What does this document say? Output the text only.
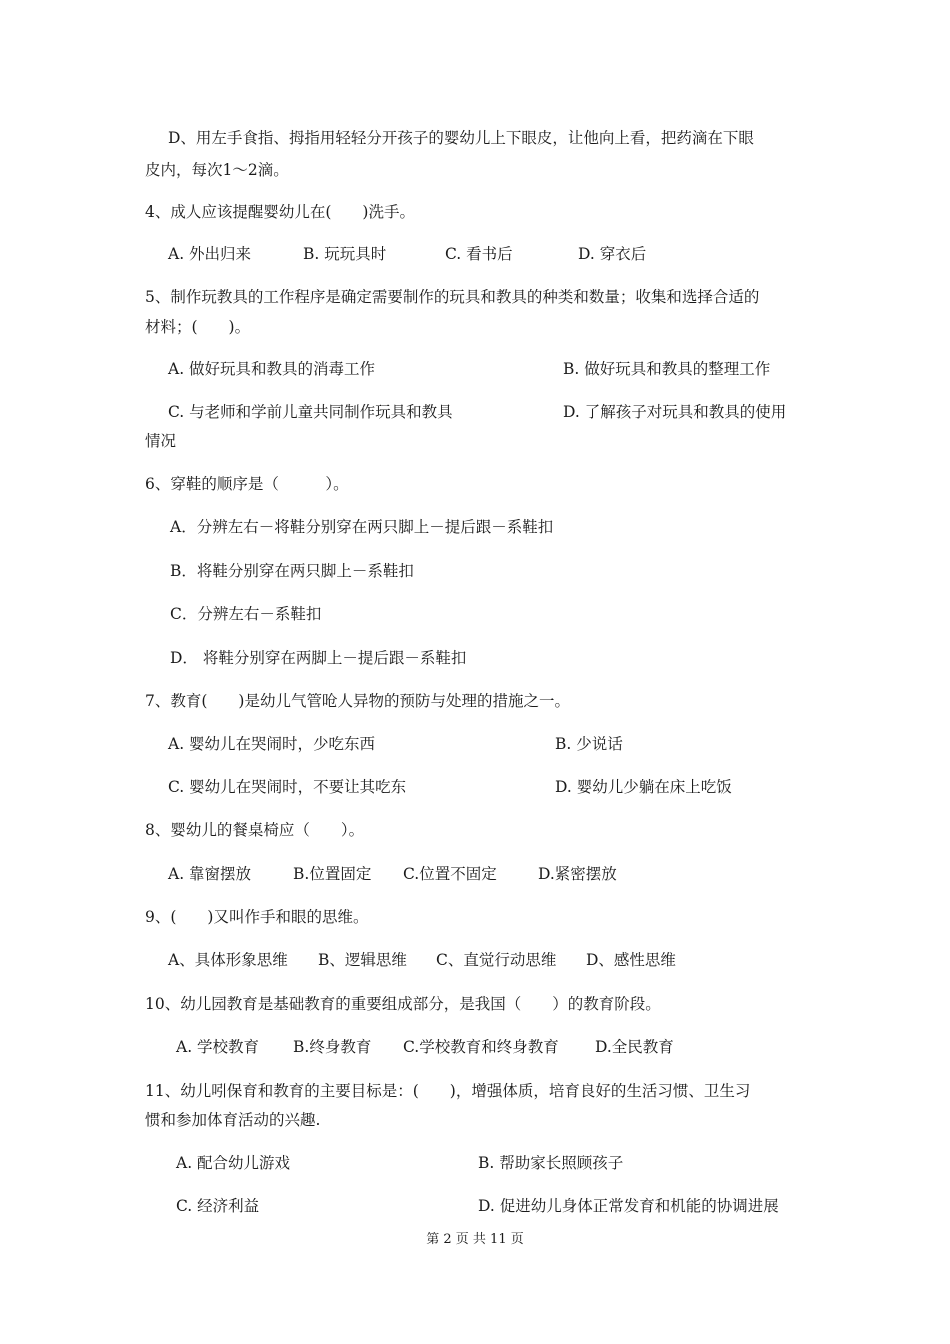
D、用左手食指、拇指用轻轻分开孩子的婴幼儿上下眼皮，让他向上看，把药滴在下眼
皮内，每次1～2滴。
4、成人应该提醒婴幼儿在(　　)洗手。
A. 外出归来	B. 玩玩具时	C. 看书后	D. 穿衣后
5、制作玩教具的工作程序是确定需要制作的玩具和教具的种类和数量；收集和选择合适的
材料；(　　)。
A. 做好玩具和教具的消毒工作	B. 做好玩具和教具的整理工作
C. 与老师和学前儿童共同制作玩具和教具	D. 了解孩子对玩具和教具的使用
情况
6、穿鞋的顺序是（　　　）。
A．分辨左右－将鞋分别穿在两只脚上－提后跟－系鞋扣
B．将鞋分别穿在两只脚上－系鞋扣
C．分辨左右－系鞋扣
D． 将鞋分别穿在两脚上－提后跟－系鞋扣
7、教育(　　)是幼儿气管呛人异物的预防与处理的措施之一。
A. 婴幼儿在哭闹时，少吃东西	B. 少说话
C. 婴幼儿在哭闹时，不要让其吃东	D. 婴幼儿少躺在床上吃饭
8、婴幼儿的餐桌椅应（　　）。
A. 靠窗摆放	B.位置固定 C.位置不固定	D.紧密摆放
9、(　　)又叫作手和眼的思维。
A、具体形象思维 B、逻辑思维 C、直觉行动思维 D、感性思维
10、幼儿园教育是基础教育的重要组成部分，是我国（　　）的教育阶段。
A. 学校教育 B.终身教育 C.学校教育和终身教育 D.全民教育
11、幼儿吲保育和教育的主要目标是：(　　)，增强体质，培育良好的生活习惯、卫生习
惯和参加体育活动的兴趣.
A. 配合幼儿游戏	B. 帮助家长照顾孩子
C. 经济利益	D. 促进幼儿身体正常发育和机能的协调进展
第 2 页 共 11 页
